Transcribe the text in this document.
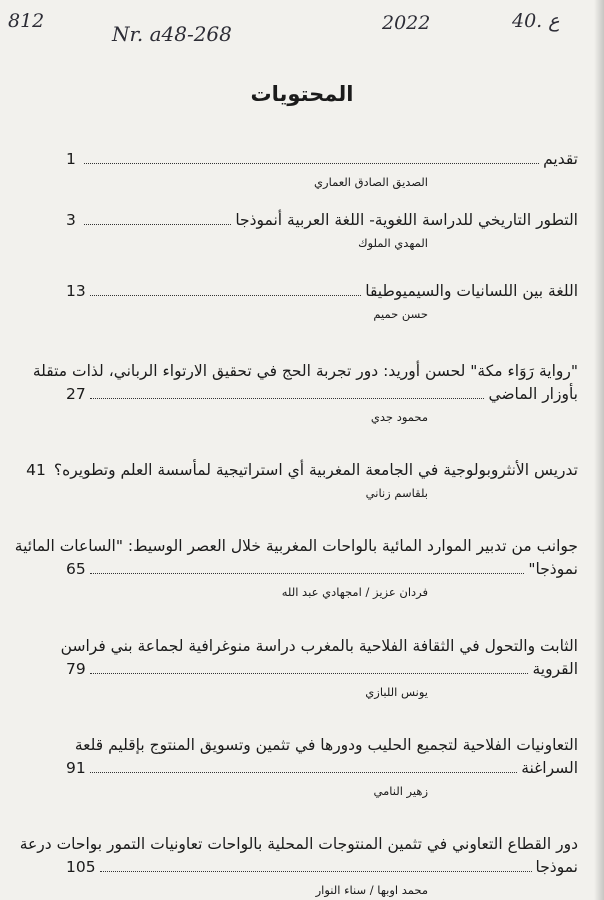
812
Nr. a48-268	2022	40. ع
المحتويات
تقديم
1
الصديق الصادق العماري
التطور التاريخي للدراسة اللغوية- اللغة العربية أنموذجا
3
المهدي الملوك
اللغة بين اللسانيات والسيميوطيقا
13
حسن حميم
"رواية رَوَاء مكة" لحسن أوريد: دور تجربة الحج في تحقيق الارتواء الرباني، لذات متقلة
بأوزار الماضي
27
محمود جدي
تدريس الأنثروبولوجية في الجامعة المغربية أي استراتيجية لمأسسة العلم وتطويره؟
41
بلقاسم زناني
جوانب من تدبير الموارد المائية بالواحات المغربية خلال العصر الوسيط: "الساعات المائية
نموذجا"
65
فردان عزيز / امجهادي عبد الله
الثابت والتحول في الثقافة الفلاحية بالمغرب دراسة منوغرافية لجماعة بني فراسن
القروية
79
يونس اللبازي
التعاونيات الفلاحية لتجميع الحليب ودورها في تثمين وتسويق المنتوج بإقليم قلعة
السراغنة
91
زهير النامي
دور القطاع التعاوني في تثمين المنتوجات المحلية بالواحات تعاونيات التمور بواحات درعة
نموذجا
105
محمد اوبها / سناء النوار
